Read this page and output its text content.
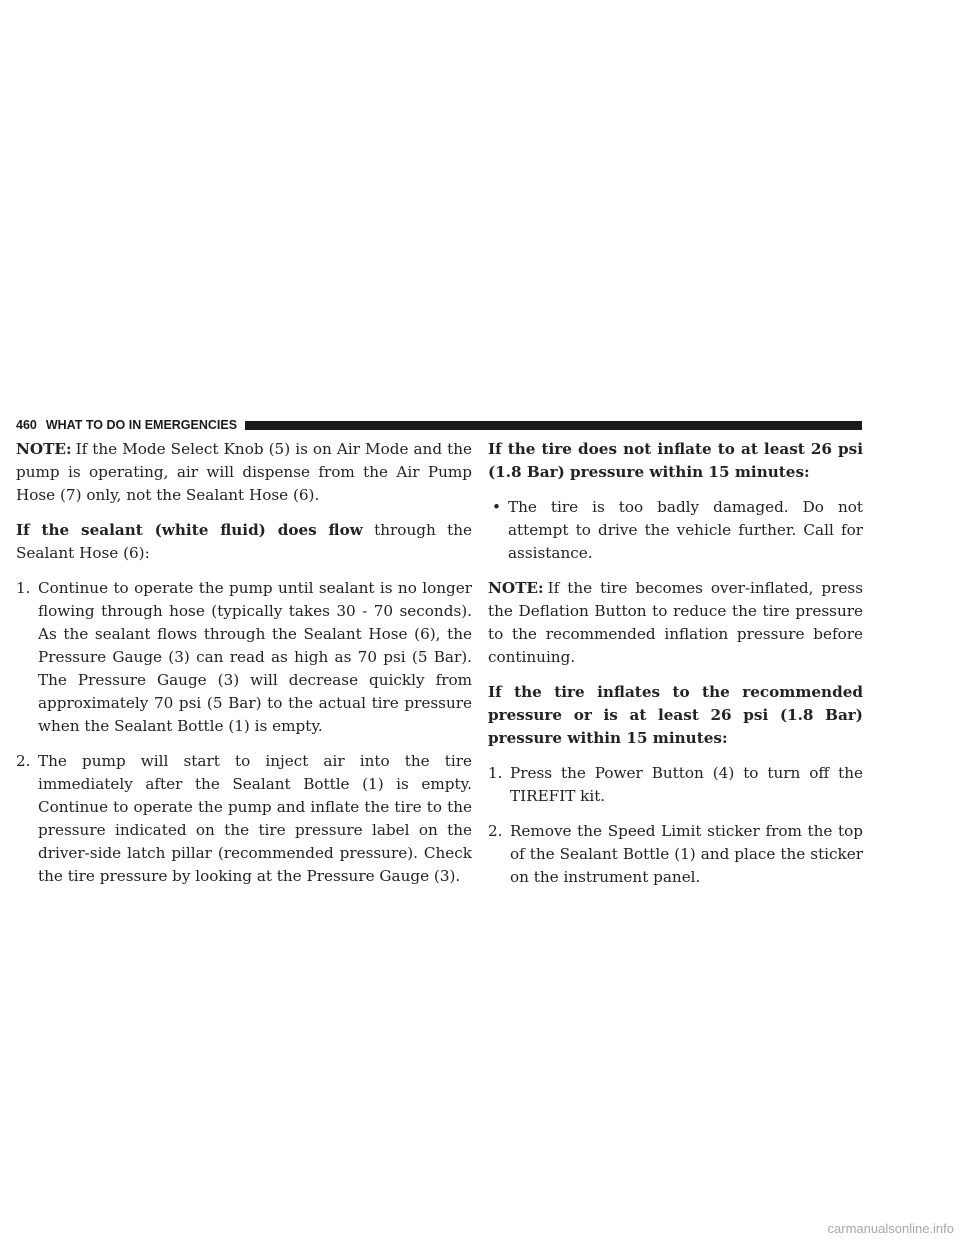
460 WHAT TO DO IN EMERGENCIES

NOTE: If the Mode Select Knob (5) is on Air Mode and the pump is operating, air will dispense from the Air Pump Hose (7) only, not the Sealant Hose (6).

If the sealant (white fluid) does flow through the Sealant Hose (6):

1. Continue to operate the pump until sealant is no longer flowing through hose (typically takes 30 - 70 seconds). As the sealant flows through the Sealant Hose (6), the Pressure Gauge (3) can read as high as 70 psi (5 Bar). The Pressure Gauge (3) will decrease quickly from approximately 70 psi (5 Bar) to the actual tire pressure when the Sealant Bottle (1) is empty.
2. The pump will start to inject air into the tire immediately after the Sealant Bottle (1) is empty. Continue to operate the pump and inflate the tire to the pressure indicated on the tire pressure label on the driver-side latch pillar (recommended pressure). Check the tire pressure by looking at the Pressure Gauge (3).

If the tire does not inflate to at least 26 psi (1.8 Bar) pressure within 15 minutes:

• The tire is too badly damaged. Do not attempt to drive the vehicle further. Call for assistance.

NOTE: If the tire becomes over-inflated, press the Deflation Button to reduce the tire pressure to the recommended inflation pressure before continuing.

If the tire inflates to the recommended pressure or is at least 26 psi (1.8 Bar) pressure within 15 minutes:

1. Press the Power Button (4) to turn off the TIREFIT kit.
2. Remove the Speed Limit sticker from the top of the Sealant Bottle (1) and place the sticker on the instrument panel.
carmanualsonline.info
